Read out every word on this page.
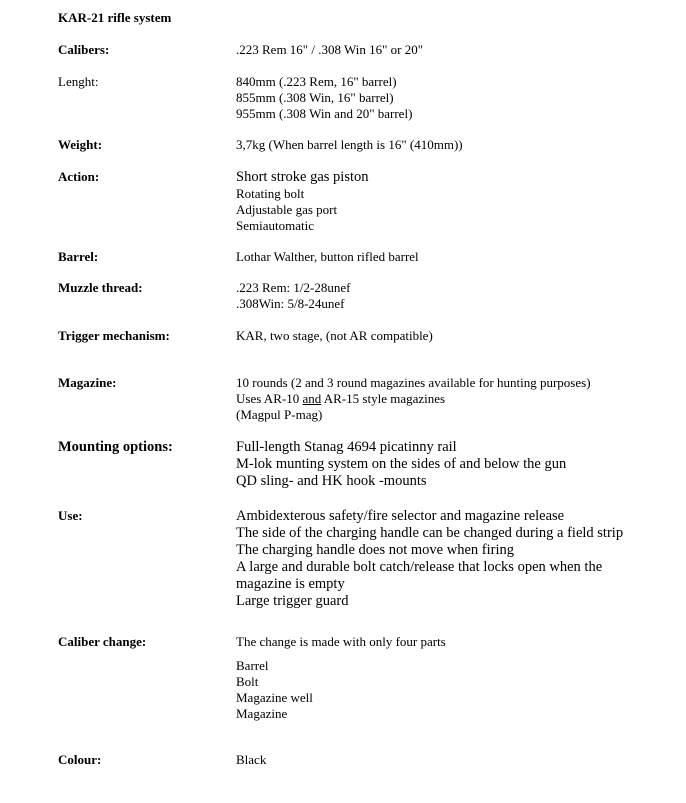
KAR-21 rifle system
Calibers:	.223 Rem 16" / .308 Win 16" or 20"
Lenght:	840mm (.223 Rem, 16" barrel)
855mm (.308 Win, 16" barrel)
955mm (.308 Win and 20" barrel)
Weight:	3,7kg (When barrel length is 16" (410mm))
Action:	Short stroke gas piston
Rotating bolt
Adjustable gas port
Semiautomatic
Barrel:	Lothar Walther, button rifled barrel
Muzzle thread:	.223 Rem: 1/2-28unef
.308Win: 5/8-24unef
Trigger mechanism:	KAR, two stage, (not AR compatible)
Magazine:	10 rounds (2 and 3 round magazines available for hunting purposes)
Uses AR-10 and AR-15 style magazines
(Magpul P-mag)
Mounting options:	Full-length Stanag 4694 picatinny rail
M-lok munting system on the sides of and below the gun
QD sling- and HK hook -mounts
Use:	Ambidexterous safety/fire selector and magazine release
The side of the charging handle can be changed during a field strip
The charging handle does not move when firing
A large and durable bolt catch/release that locks open when the
magazine is empty
Large trigger guard
Caliber change:	The change is made with only four parts
Barrel
Bolt
Magazine well
Magazine
Colour:	Black
